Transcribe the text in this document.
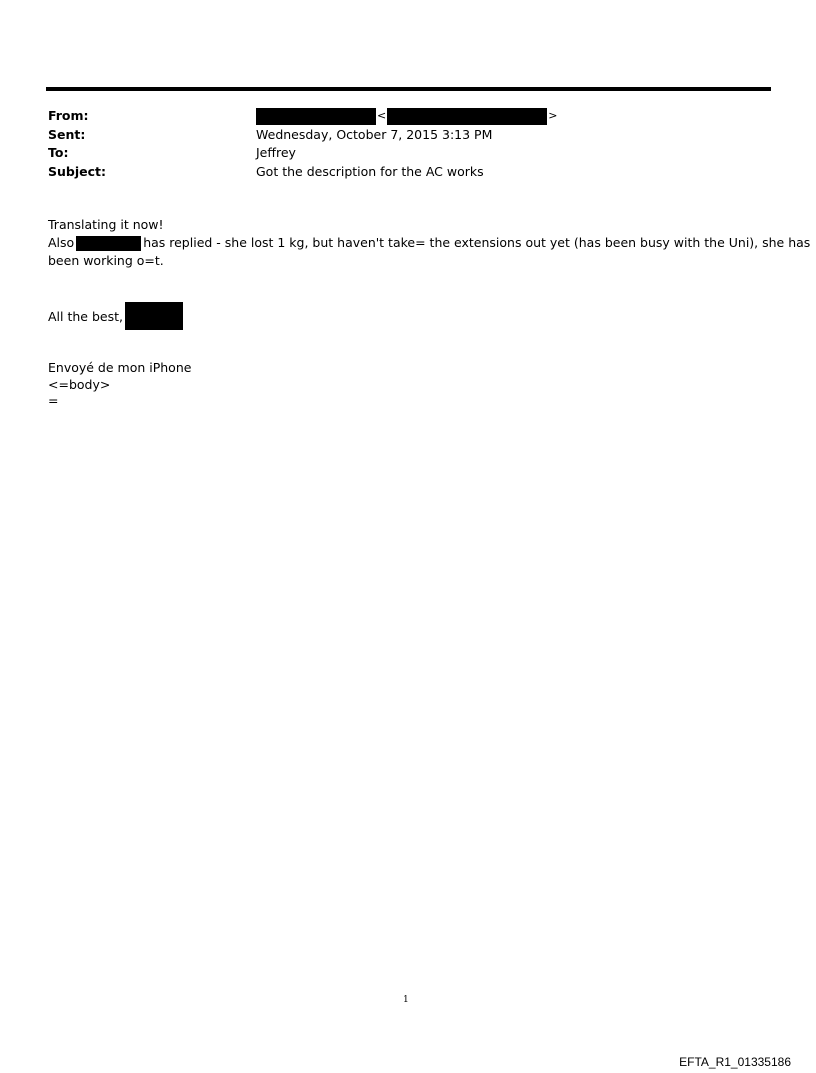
From:	<	>
Sent:	Wednesday, October 7, 2015 3:13 PM
To:	Jeffrey
Subject:	Got the description for the AC works
Translating it now!
Also	has replied - she lost 1 kg, but haven't take= the extensions out yet (has been busy with the Uni), she has
been working o=t.
All the best,
Envoyé de mon iPhone
<=body>
=
1
EFTA_R1_01335186
